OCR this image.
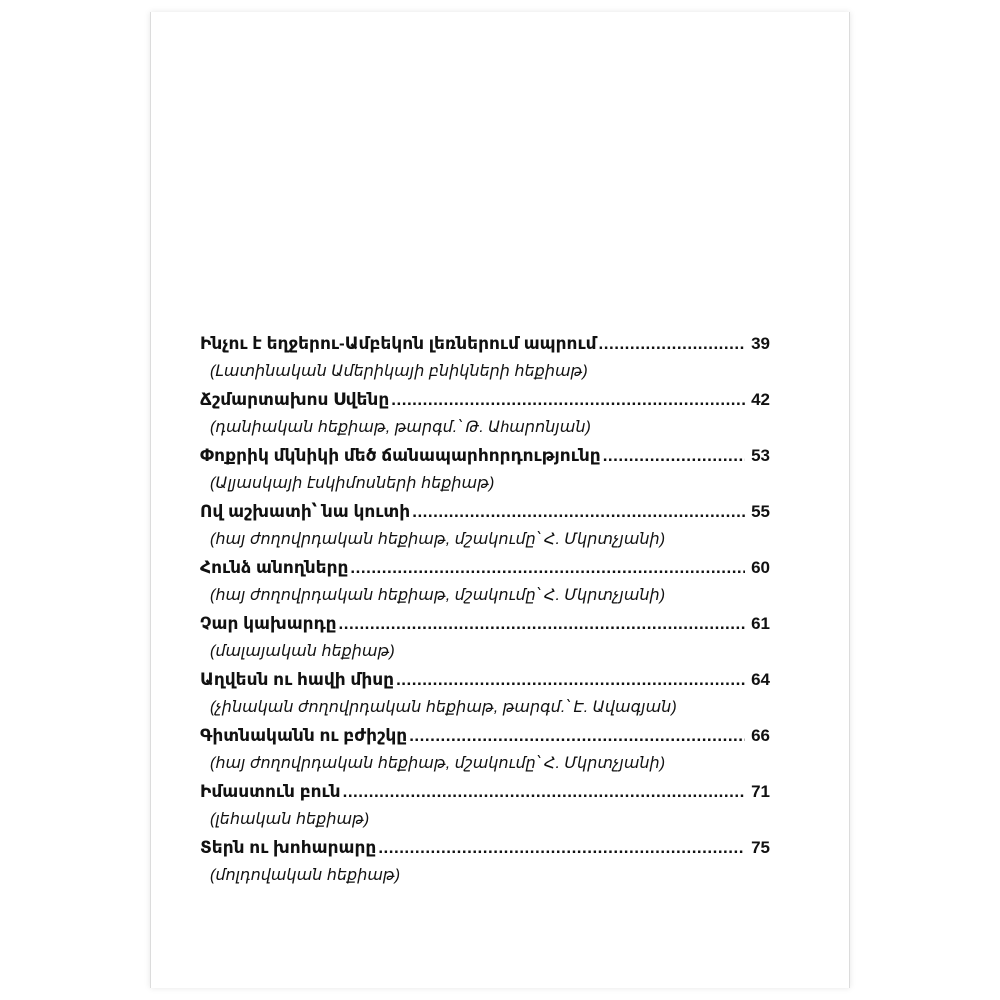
Ինչու է եղջերու-Ամբեկոն լեռներում ապրում .....	39
(Լատինական Ամերիկայի բնիկների հեքիաթ)
Ճշմարտախոս Սվենը .....	42
(դանիական հեքիաթ, թարգմ.՝ Թ. Աhարոնյան)
Փոքրիկ մկնիկի մեծ ճանապարհորդությունը .....	53
(Ալյասկայի էսկիմոսների հեքիաթ)
Ով աշխատի՝ նա կուտի .....	55
(հայ ժողովրդական հեքիաթ, մշակումը՝ Հ. Մկրտչյանի)
Հունձ անողները .....	60
(հայ ժողովրդական հեքիաթ, մշակումը՝ Հ. Մկրտչյանի)
Չար կախարդը .....	61
(մալայական հեքիաթ)
Աղվեսն ու հավի միսը .....	64
(չինական ժողովրդական հեքիաթ, թարգմ.՝ Է. Ավագյան)
Գիտնականն ու բժիշկը .....	66
(հայ ժողովրդական հեքիաթ, մշակումը՝ Հ. Մկրտչյանի)
Իմաստուն բուն .....	71
(լեհական հեքիաթ)
Տերն ու խոհարարը .....	75
(մոլդովական հեքիաթ)
